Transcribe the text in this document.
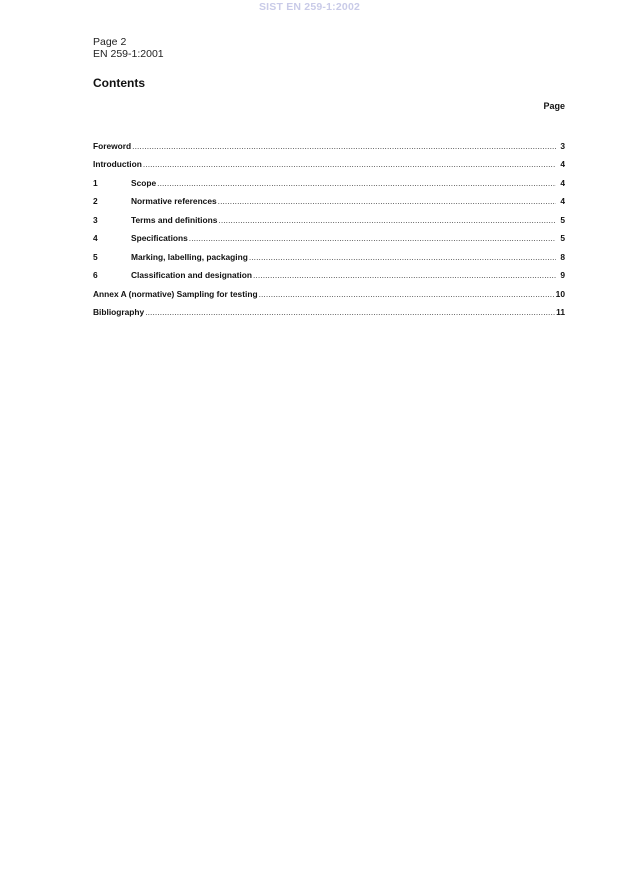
SIST EN 259-1:2002
Page 2
EN 259-1:2001
Contents
Page
Foreword .....	3
Introduction .....	4
1	Scope .....	4
2	Normative references .....	4
3	Terms and definitions .....	5
4	Specifications .....	5
5	Marking, labelling, packaging .....	8
6	Classification and designation .....	9
Annex A (normative) Sampling for testing .....	10
Bibliography .....	11
